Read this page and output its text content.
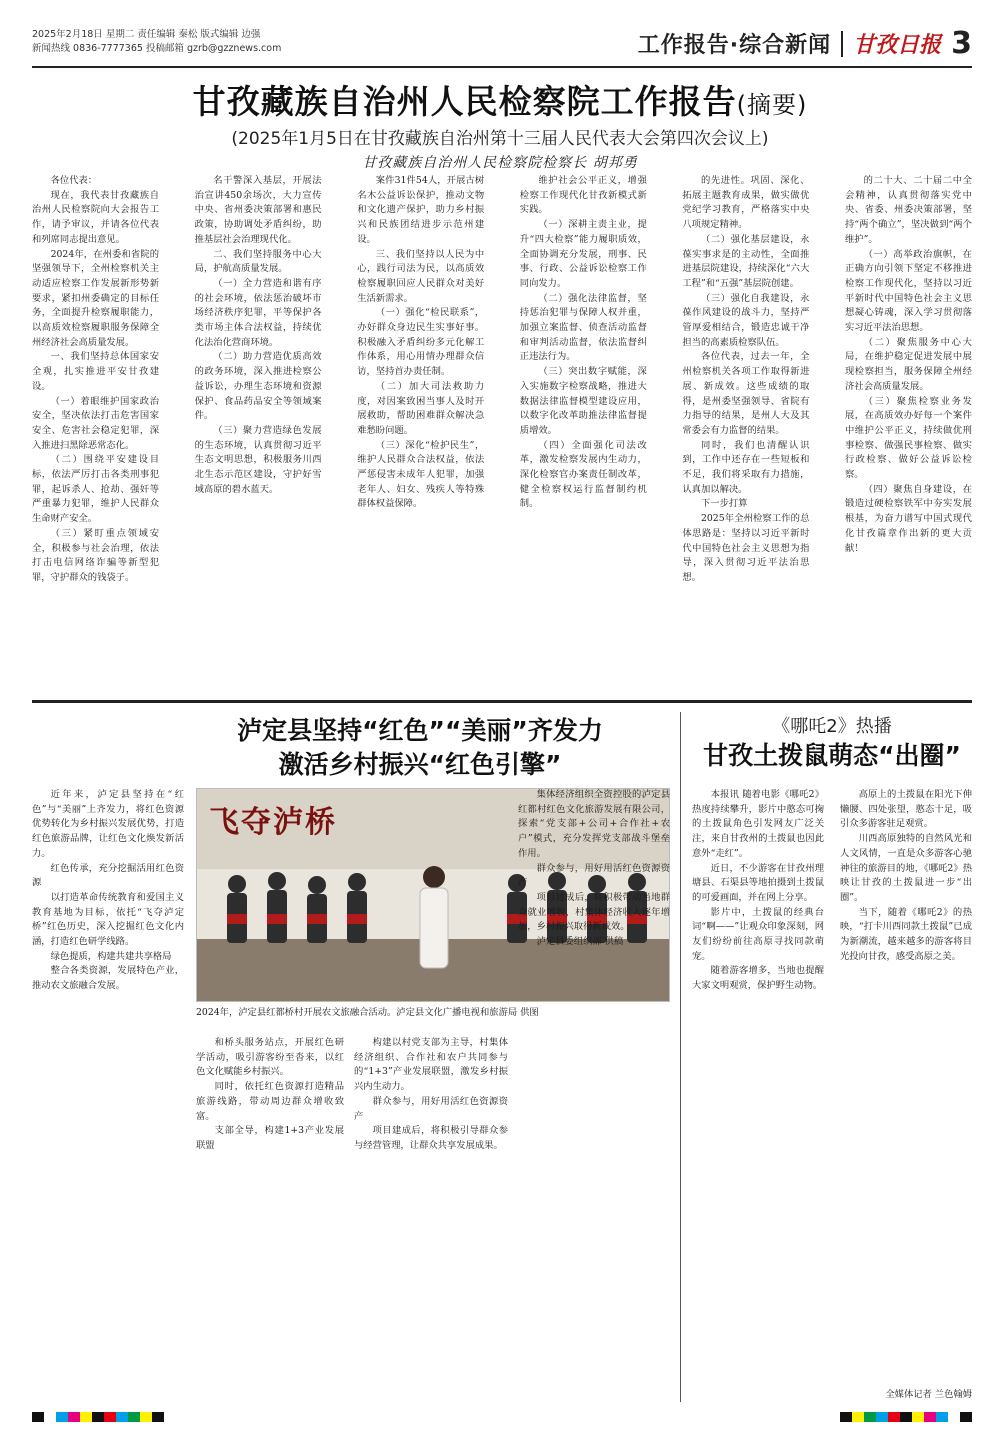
2025年2月18日 星期二 责任编辑 秦松 版式编辑 边强
新闻热线 0836-7777365 投稿邮箱 gzrb@gzznews.com	工作报告·综合新闻 甘孜日报 3
甘孜藏族自治州人民检察院工作报告(摘要)
(2025年1月5日在甘孜藏族自治州第十三届人民代表大会第四次会议上)
甘孜藏族自治州人民检察院检察长 胡邦勇

各位代表：

现在，我代表甘孜藏族自治州人民检察院向大会报告工作，请予审议，并请各位代表和列席同志提出意见。

2024年，在州委和省院的坚强领导下，全州检察机关主动适应检察工作发展新形势新要求，紧扣州委确定的目标任务，全面提升检察履职能力，以高质效检察履职服务保障全州经济社会高质量发展。

一、我们坚持总体国家安全观，扎实推进平安甘孜建设。

（一）着眼维护国家政治安全，坚决依法打击危害国家安全、危害社会稳定犯罪，深入推进扫黑除恶常态化。

（二）围绕平安建设目标，依法严厉打击各类刑事犯罪，起诉杀人、抢劫、强奸等严重暴力犯罪，维护人民群众生命财产安全。

（三）紧盯重点领域安全，积极参与社会治理，依法打击电信网络诈骗等新型犯罪，守护群众的钱袋子。

名干警深入基层，开展法治宣讲450余场次，大力宣传中央、省州委决策部署和惠民政策，协助调处矛盾纠纷，助推基层社会治理现代化。

二、我们坚持服务中心大局，护航高质量发展。

（一）全力营造和谐有序的社会环境，依法惩治破坏市场经济秩序犯罪，平等保护各类市场主体合法权益，持续优化法治化营商环境。

（二）助力营造优质高效的政务环境，深入推进检察公益诉讼，办理生态环境和资源保护、食品药品安全等领域案件。

（三）聚力营造绿色发展的生态环境，认真贯彻习近平生态文明思想，积极服务川西北生态示范区建设，守护好雪域高原的碧水蓝天。

案件31件54人，开展古树名木公益诉讼保护，推动文物和文化遗产保护，助力乡村振兴和民族团结进步示范州建设。

三、我们坚持以人民为中心，践行司法为民，以高质效检察履职回应人民群众对美好生活新需求。

（一）强化“检民联系”，办好群众身边民生实事好事。积极融入矛盾纠纷多元化解工作体系，用心用情办理群众信访，坚持首办责任制。

（二）加大司法救助力度，对因案致困当事人及时开展救助，帮助困难群众解决急难愁盼问题。

（三）深化“检护民生”，维护人民群众合法权益，依法严惩侵害未成年人犯罪，加强老年人、妇女、残疾人等特殊群体权益保障。

维护社会公平正义，增强检察工作现代化甘孜新模式新实践。

（一）深耕主责主业，提升“四大检察”能力履职质效，全面协调充分发展，刑事、民事、行政、公益诉讼检察工作同向发力。

（二）强化法律监督，坚持惩治犯罪与保障人权并重，加强立案监督、侦查活动监督和审判活动监督，依法监督纠正违法行为。

（三）突出数字赋能，深入实施数字检察战略，推进大数据法律监督模型建设应用，以数字化改革助推法律监督提质增效。

（四）全面强化司法改革，激发检察发展内生动力，深化检察官办案责任制改革，健全检察权运行监督制约机制。

的先进性。巩固、深化、拓展主题教育成果，做实做优党纪学习教育，严格落实中央八项规定精神。

（二）强化基层建设，永葆实事求是的主动性，全面推进基层院建设，持续深化“六大工程”和“五强”基层院创建。

（三）强化自我建设，永葆作风建设的战斗力，坚持严管厚爱相结合，锻造忠诚干净担当的高素质检察队伍。

各位代表，过去一年，全州检察机关各项工作取得新进展、新成效。这些成绩的取得，是州委坚强领导、省院有力指导的结果，是州人大及其常委会有力监督的结果。

同时，我们也清醒认识到，工作中还存在一些短板和不足，我们将采取有力措施，认真加以解决。

下一步打算

2025年全州检察工作的总体思路是：坚持以习近平新时代中国特色社会主义思想为指导，深入贯彻习近平法治思想。

的二十大、二十届二中全会精神，认真贯彻落实党中央、省委、州委决策部署，坚持“两个确立”，坚决做到“两个维护”。

（一）高举政治旗帜，在正确方向引领下坚定不移推进检察工作现代化，坚持以习近平新时代中国特色社会主义思想凝心铸魂，深入学习贯彻落实习近平法治思想。

（二）聚焦服务中心大局，在维护稳定促进发展中展现检察担当，服务保障全州经济社会高质量发展。

（三）聚焦检察业务发展，在高质效办好每一个案件中维护公平正义，持续做优刑事检察、做强民事检察、做实行政检察、做好公益诉讼检察。

（四）聚焦自身建设，在锻造过硬检察铁军中夯实发展根基，为奋力谱写中国式现代化甘孜篇章作出新的更大贡献！

泸定县坚持“红色”“美丽”齐发力
激活乡村振兴“红色引擎”

近年来，泸定县坚持在“红色”与“美丽”上齐发力，将红色资源优势转化为乡村振兴发展优势，打造红色旅游品牌，让红色文化焕发新活力。

红色传承，充分挖掘活用红色资源

以打造革命传统教育和爱国主义教育基地为目标，依托“飞夺泸定桥”红色历史，深入挖掘红色文化内涵，打造红色研学线路。

绿色提质，构建共建共享格局

整合各类资源，发展特色产业，推动农文旅融合发展。

飞夺泸桥
2024年，泸定县红都桥村开展农文旅融合活动。泸定县文化广播电视和旅游局 供图

和桥头服务站点，开展红色研学活动，吸引游客纷至沓来，以红色文化赋能乡村振兴。

同时，依托红色资源打造精品旅游线路，带动周边群众增收致富。

支部全导，构建1+3产业发展联盟

构建以村党支部为主导，村集体经济组织、合作社和农户共同参与的“1+3”产业发展联盟，激发乡村振兴内生动力。

群众参与，用好用活红色资源资产

项目建成后，将积极引导群众参与经营管理，让群众共享发展成果。

集体经济组织全资控股的泸定县红都村红色文化旅游发展有限公司，探索“党支部+公司+合作社+农户”模式，充分发挥党支部战斗堡垒作用。

群众参与，用好用活红色资源资产

项目建成后，将积极带动当地群众就业增收，村集体经济收入逐年增加，乡村振兴取得新成效。

泸定县委组织部 供稿

《哪吒2》热播
甘孜土拨鼠萌态“出圈”

本报讯 随着电影《哪吒2》热度持续攀升，影片中憨态可掬的土拨鼠角色引发网友广泛关注，来自甘孜州的土拨鼠也因此意外“走红”。

近日，不少游客在甘孜州理塘县、石渠县等地拍摄到土拨鼠的可爱画面，并在网上分享。

影片中，土拨鼠的经典台词“啊——”让观众印象深刻，网友们纷纷前往高原寻找同款萌宠。

随着游客增多，当地也提醒大家文明观赏，保护野生动物。

高原上的土拨鼠在阳光下伸懒腰、四处张望，憨态十足，吸引众多游客驻足观赏。

川西高原独特的自然风光和人文风情，一直是众多游客心驰神往的旅游目的地，《哪吒2》热映让甘孜的土拨鼠进一步“出圈”。

当下，随着《哪吒2》的热映，“打卡川西同款土拨鼠”已成为新潮流，越来越多的游客将目光投向甘孜，感受高原之美。

全媒体记者 兰色翰姆
